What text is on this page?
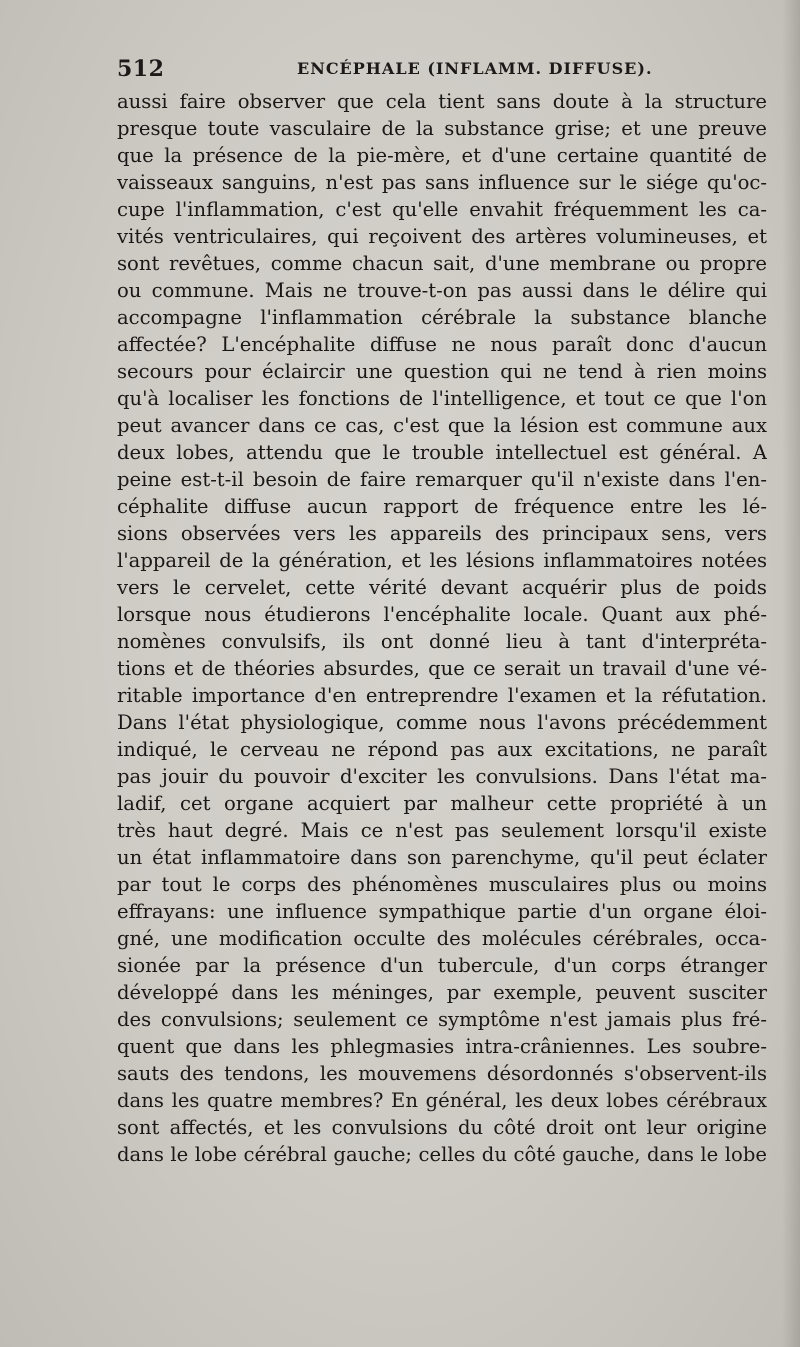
512	ENCÉPHALE (INFLAMM. DIFFUSE).
aussi faire observer que cela tient sans doute à la structure
presque toute vasculaire de la substance grise; et une preuve
que la présence de la pie-mère, et d'une certaine quantité de
vaisseaux sanguins, n'est pas sans influence sur le siége qu'oc-
cupe l'inflammation, c'est qu'elle envahit fréquemment les ca-
vités ventriculaires, qui reçoivent des artères volumineuses, et
sont revêtues, comme chacun sait, d'une membrane ou propre
ou commune. Mais ne trouve-t-on pas aussi dans le délire qui
accompagne l'inflammation cérébrale la substance blanche
affectée? L'encéphalite diffuse ne nous paraît donc d'aucun
secours pour éclaircir une question qui ne tend à rien moins
qu'à localiser les fonctions de l'intelligence, et tout ce que l'on
peut avancer dans ce cas, c'est que la lésion est commune aux
deux lobes, attendu que le trouble intellectuel est général. A
peine est-t-il besoin de faire remarquer qu'il n'existe dans l'en-
céphalite diffuse aucun rapport de fréquence entre les lé-
sions observées vers les appareils des principaux sens, vers
l'appareil de la génération, et les lésions inflammatoires notées
vers le cervelet, cette vérité devant acquérir plus de poids
lorsque nous étudierons l'encéphalite locale. Quant aux phé-
nomènes convulsifs, ils ont donné lieu à tant d'interpréta-
tions et de théories absurdes, que ce serait un travail d'une vé-
ritable importance d'en entreprendre l'examen et la réfutation.
Dans l'état physiologique, comme nous l'avons précédemment
indiqué, le cerveau ne répond pas aux excitations, ne paraît
pas jouir du pouvoir d'exciter les convulsions. Dans l'état ma-
ladif, cet organe acquiert par malheur cette propriété à un
très haut degré. Mais ce n'est pas seulement lorsqu'il existe
un état inflammatoire dans son parenchyme, qu'il peut éclater
par tout le corps des phénomènes musculaires plus ou moins
effrayans: une influence sympathique partie d'un organe éloi-
gné, une modification occulte des molécules cérébrales, occa-
sionée par la présence d'un tubercule, d'un corps étranger
développé dans les méninges, par exemple, peuvent susciter
des convulsions; seulement ce symptôme n'est jamais plus fré-
quent que dans les phlegmasies intra-crâniennes. Les soubre-
sauts des tendons, les mouvemens désordonnés s'observent-ils
dans les quatre membres? En général, les deux lobes cérébraux
sont affectés, et les convulsions du côté droit ont leur origine
dans le lobe cérébral gauche; celles du côté gauche, dans le lobe
